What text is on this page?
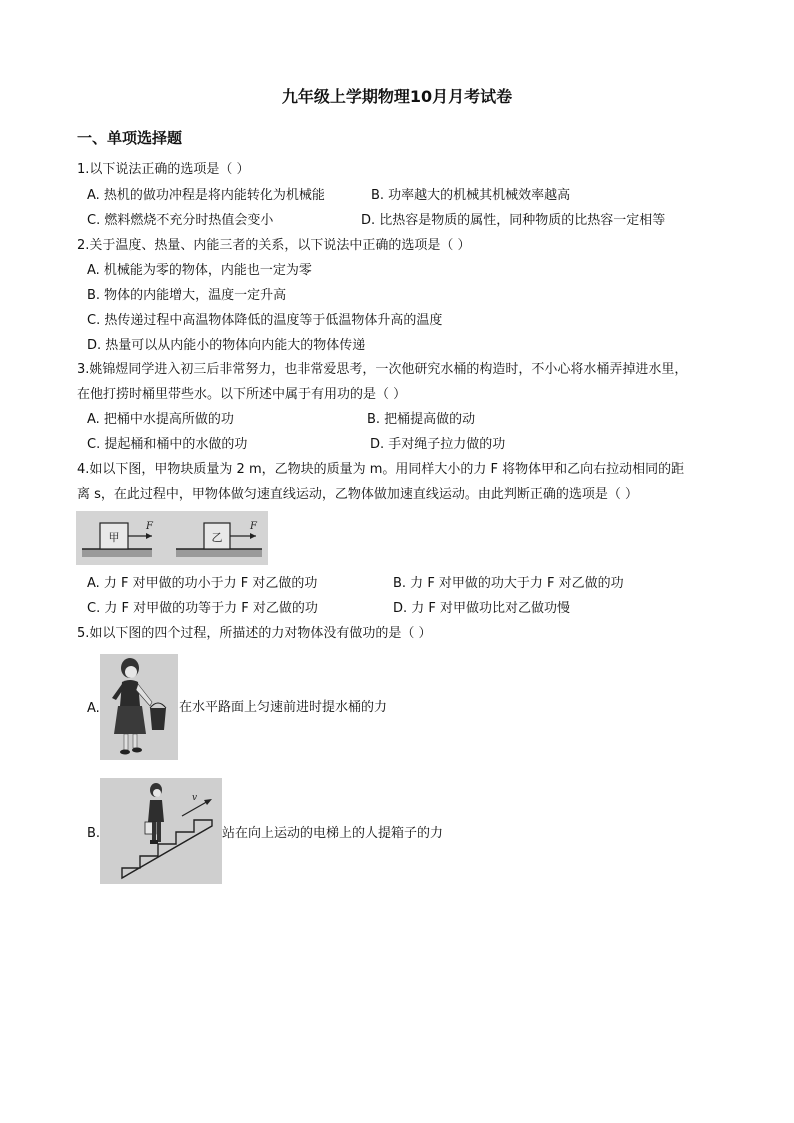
九年级上学期物理10月月考试卷
一、单项选择题
1.以下说法正确的选项是（ ）
A. 热机的做功冲程是将内能转化为机械能	B. 功率越大的机械其机械效率越高
C. 燃料燃烧不充分时热值会变小	D. 比热容是物质的属性，同种物质的比热容一定相等
2.关于温度、热量、内能三者的关系，以下说法中正确的选项是（ ）
A. 机械能为零的物体，内能也一定为零
B. 物体的内能增大，温度一定升高
C. 热传递过程中高温物体降低的温度等于低温物体升高的温度
D. 热量可以从内能小的物体向内能大的物体传递
3.姚锦煜同学进入初三后非常努力，也非常爱思考，一次他研究水桶的构造时，不小心将水桶弄掉进水里，
在他打捞时桶里带些水。以下所述中属于有用功的是（ ）
A. 把桶中水提高所做的功	B. 把桶提高做的动
C. 提起桶和桶中的水做的功	D. 手对绳子拉力做的功
4.如以下图，甲物块质量为 2 m，乙物块的质量为 m。用同样大小的力 F 将物体甲和乙向右拉动相同的距
离 s，在此过程中，甲物体做匀速直线运动，乙物体做加速直线运动。由此判断正确的选项是（ ）
甲
F
乙
F
A. 力 F 对甲做的功小于力 F 对乙做的功	B. 力 F 对甲做的功大于力 F 对乙做的功
C. 力 F 对甲做的功等于力 F 对乙做的功	D. 力 F 对甲做功比对乙做功慢
5.如以下图的四个过程，所描述的力对物体没有做功的是（ ）
A.	在水平路面上匀速前进时提水桶的力
B.
v
站在向上运动的电梯上的人提箱子的力
